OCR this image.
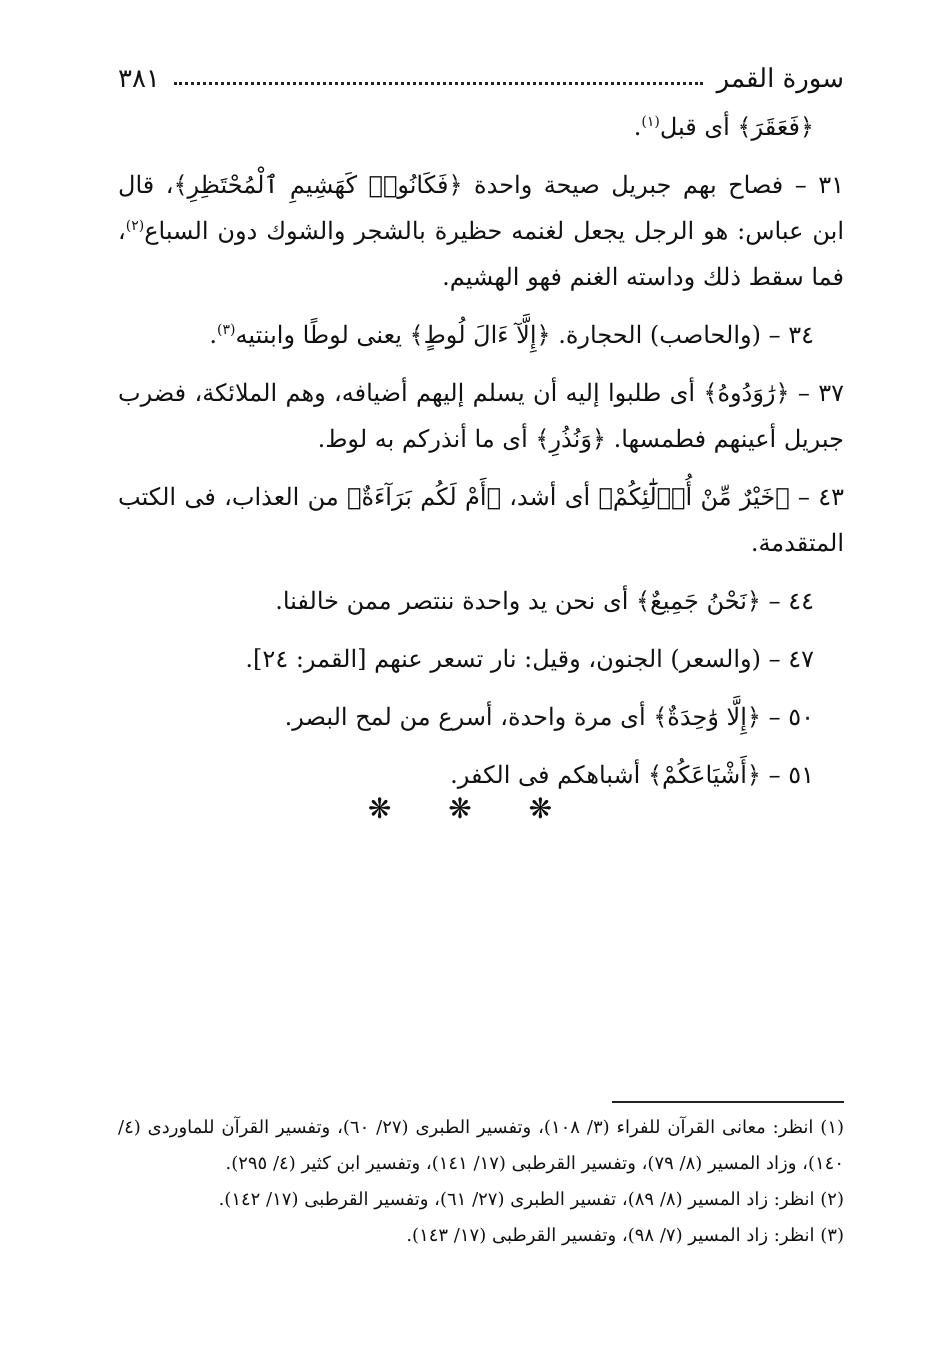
سورة القمر
٣٨١

﴿فَعَقَرَ﴾ أى قبل$^{(١)}$.

٣١ – فصاح بهم جبريل صيحة واحدة ﴿فَكَانُوا۟ كَهَشِيمِ ٱلْمُحْتَظِرِ﴾، قال ابن عباس: هو الرجل يجعل لغنمه حظيرة بالشجر والشوك دون السباع$^{(٢)}$، فما سقط ذلك وداسته الغنم فهو الهشيم.

٣٤ – (والحاصب) الحجارة. ﴿إِلَّآ ءَالَ لُوطٍ﴾ يعنى لوطًا وابنتيه$^{(٣)}$.

٣٧ – ﴿رَٰوَدُوهُ﴾ أى طلبوا إليه أن يسلم إليهم أضيافه، وهم الملائكة، فضرب جبريل أعينهم فطمسها. ﴿وَنُذُرِ﴾ أى ما أنذركم به لوط.

٤٣ – ﴿خَيْرٌ مِّنْ أُو۟لَٰٓئِكُمْ﴾ أى أشد، ﴿أَمْ لَكُم بَرَآءَةٌ﴾ من العذاب، فى الكتب المتقدمة.

٤٤ – ﴿نَحْنُ جَمِيعٌ﴾ أى نحن يد واحدة ننتصر ممن خالفنا.

٤٧ – (والسعر) الجنون، وقيل: نار تسعر عنهم [القمر: ٢٤].

٥٠ – ﴿إِلَّا وَٰحِدَةٌ﴾ أى مرة واحدة، أسرع من لمح البصر.

٥١ – ﴿أَشْيَاعَكُمْ﴾ أشباهكم فى الكفر.

❋ ❋ ❋

(١) انظر: معانى القرآن للفراء (٣/ ١٠٨)، وتفسير الطبرى (٢٧/ ٦٠)، وتفسير القرآن للماوردى (٤/ ١٤٠)، وزاد المسير (٨/ ٧٩)، وتفسير القرطبى (١٧/ ١٤١)، وتفسير ابن كثير (٤/ ٢٩٥).

(٢) انظر: زاد المسير (٨/ ٨٩)، تفسير الطبرى (٢٧/ ٦١)، وتفسير القرطبى (١٧/ ١٤٢).

(٣) انظر: زاد المسير (٧/ ٩٨)، وتفسير القرطبى (١٧/ ١٤٣).
